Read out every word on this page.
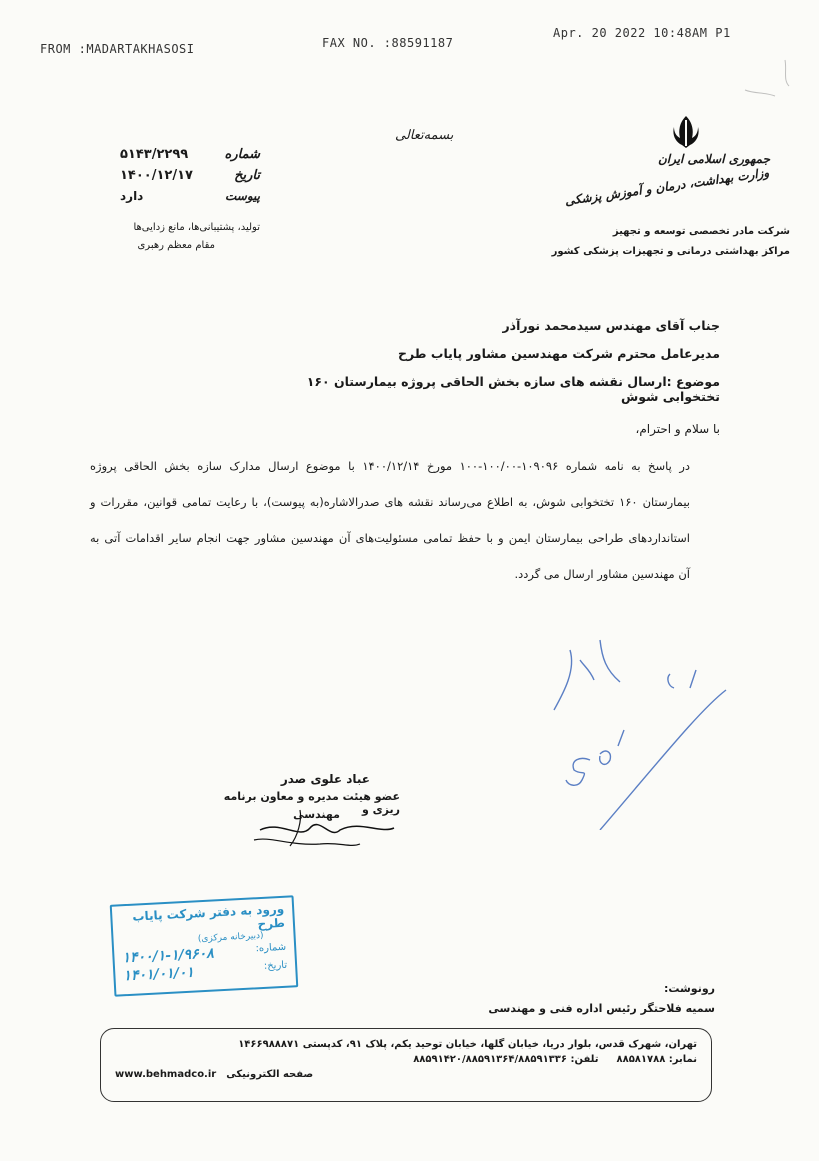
FROM :MADARTAKHASOSI	FAX NO. :88591187
Apr. 20 2022 10:48AM P1
بسمه‌تعالی
جمهوری اسلامی ایران
وزارت بهداشت، درمان و آموزش پزشکی
شرکت مادر تخصصی توسعه و تجهیز
مراکز بهداشتی درمانی و تجهیزات پزشکی کشور
شماره
۵۱۴۳/۲۲۹۹
تاریخ
۱۴۰۰/۱۲/۱۷
پیوست
دارد
تولید، پشتیبانی‌ها، مانع زدایی‌ها
مقام معظم رهبری
جناب آقای مهندس سیدمحمد نورآذر
مدیرعامل محترم شرکت مهندسین مشاور پایاب طرح
موضوع :ارسال نقشه های سازه بخش الحاقی پروژه بیمارستان ۱۶۰ تختخوابی شوش
با سلام و احترام،
در پاسخ به نامه شماره ۱۰۹۰۹۶-۱۰۰/۰۰-۱۰۰ مورخ ۱۴۰۰/۱۲/۱۴ با موضوع ارسال مدارک سازه بخش الحاقی پروژه
بیمارستان ۱۶۰ تختخوابی شوش، به اطلاع می‌رساند نقشه های صدرالاشاره(به پیوست)، با رعایت تمامی قوانین، مقررات و
استانداردهای طراحی بیمارستان ایمن و با حفظ تمامی مسئولیت‌های آن مهندسین مشاور جهت انجام سایر اقدامات آتی به
آن مهندسین مشاور ارسال می گردد.
عباد علوی صدر
عضو هیئت مدیره و معاون برنامه ریزی و
مهندسی
ورود به دفتر شرکت پایاب طرح
(دبیرخانه مرکزی)
شماره:
۱۴۰۰/۱-۱/۹۶۰۸	تاریخ:
۱۴۰۱/۰۱/۰۱
رونوشت:
سمیه فلاحتگر رئیس اداره فنی و مهندسی
تهران، شهرک قدس، بلوار دریا، خیابان گلها، خیابان توحید یکم، پلاک ۹۱، کدپستی ۱۴۶۶۹۸۸۸۷۱
تلفن: ۸۸۵۹۱۴۲۰/۸۸۵۹۱۳۶۴/۸۸۵۹۱۳۳۶ نمابر: ۸۸۵۸۱۷۸۸
صفحه الکترونیکی
www.behmadco.ir
